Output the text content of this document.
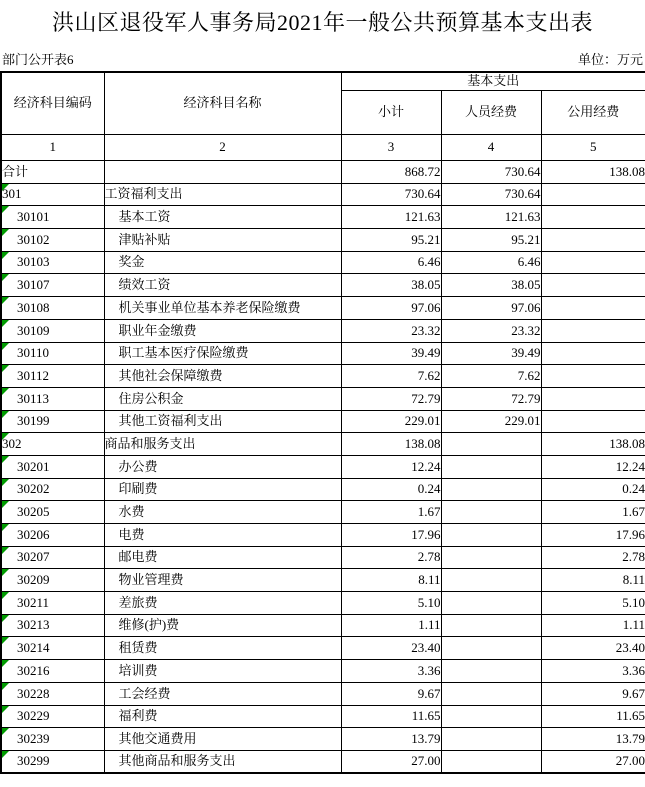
洪山区退役军人事务局2021年一般公共预算基本支出表
部门公开表6	单位：万元
经济科目编码	经济科目名称	基本支出		
		小计	人员经费	公用经费
1	2	3	4	5
合计		868.72	730.64	138.08

301	工资福利支出	730.64	730.64	

30101	基本工资	121.63	121.63	

30102	津贴补贴	95.21	95.21	

30103	奖金	6.46	6.46	

30107	绩效工资	38.05	38.05	

30108	机关事业单位基本养老保险缴费	97.06	97.06	

30109	职业年金缴费	23.32	23.32	

30110	职工基本医疗保险缴费	39.49	39.49	

30112	其他社会保障缴费	7.62	7.62	

30113	住房公积金	72.79	72.79	

30199	其他工资福利支出	229.01	229.01	

302	商品和服务支出	138.08		138.08

30201	办公费	12.24		12.24

30202	印刷费	0.24		0.24

30205	水费	1.67		1.67

30206	电费	17.96		17.96

30207	邮电费	2.78		2.78

30209	物业管理费	8.11		8.11

30211	差旅费	5.10		5.10

30213	维修(护)费	1.11		1.11

30214	租赁费	23.40		23.40

30216	培训费	3.36		3.36

30228	工会经费	9.67		9.67

30229	福利费	11.65		11.65

30239	其他交通费用	13.79		13.79

30299	其他商品和服务支出	27.00		27.00
